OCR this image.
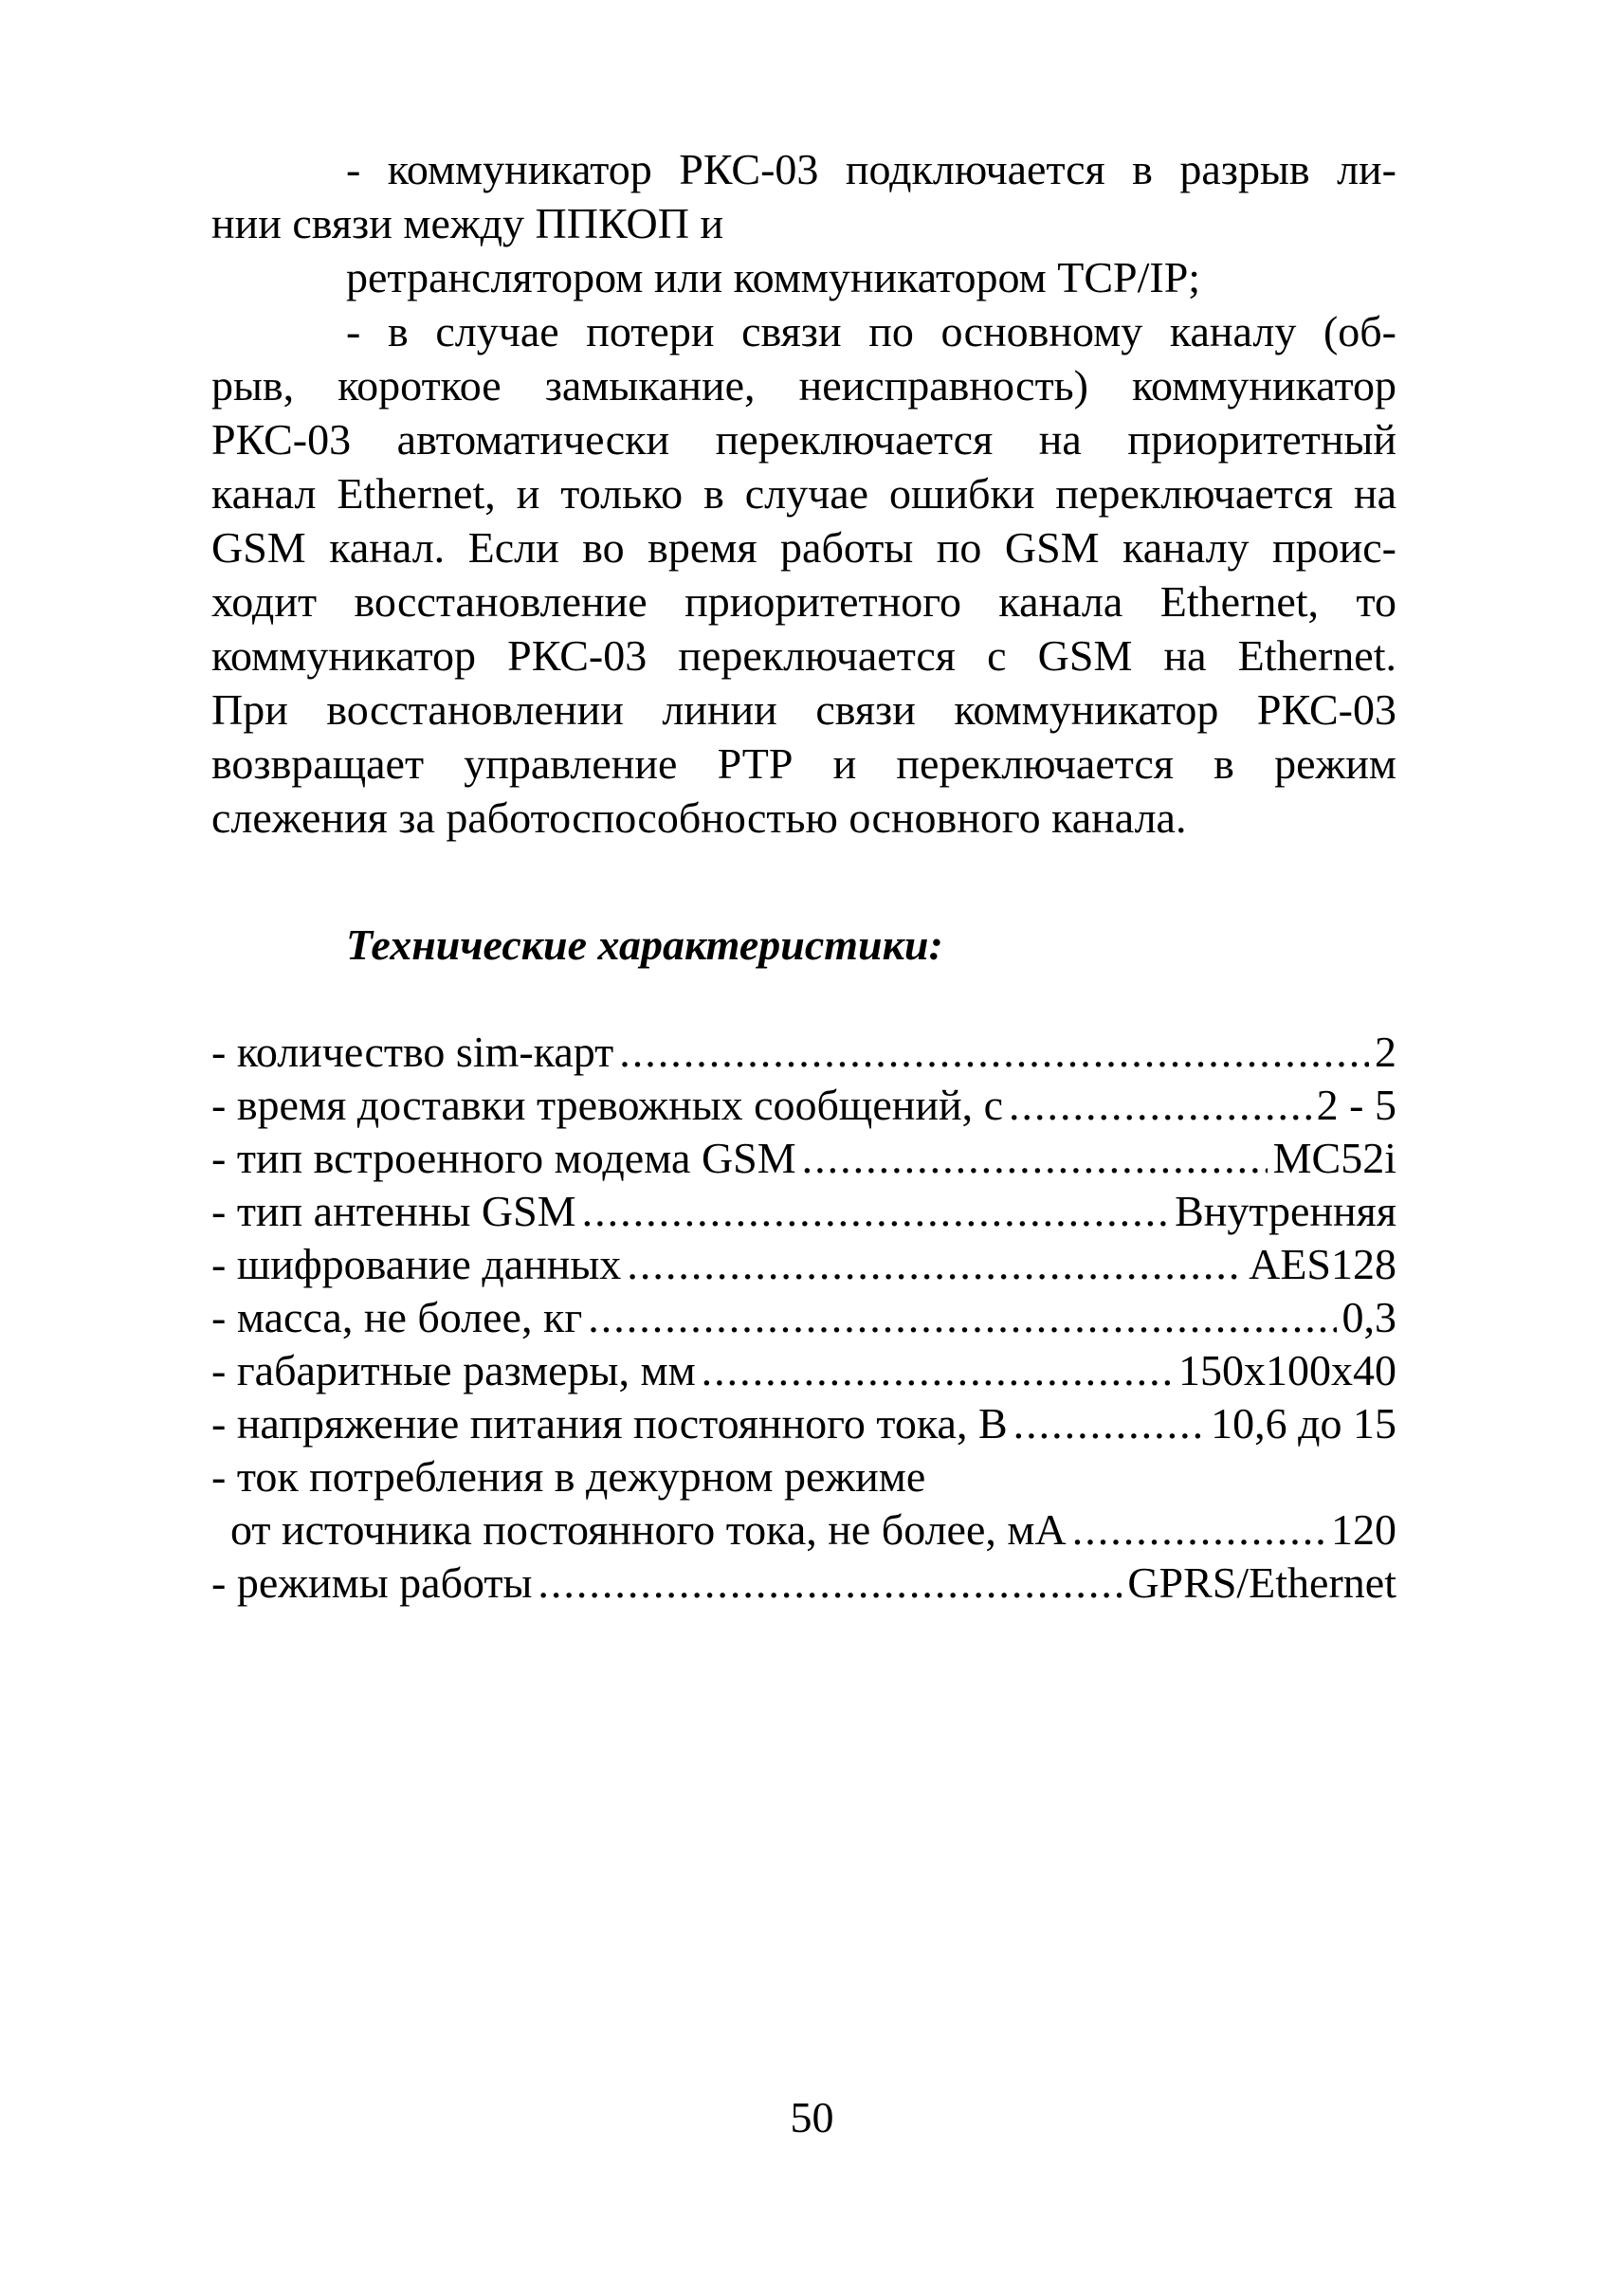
- коммуникатор РКС-03 подключается в разрыв ли-
нии связи между ППКОП и
ретранслятором или коммуникатором TCP/IP;
- в случае потери связи по основному каналу (об-
рыв, короткое замыкание, неисправность) коммуникатор
РКС-03 автоматически переключается на приоритетный
канал Ethernet, и только в случае ошибки переключается на
GSM канал. Если во время работы по GSM каналу проис-
ходит восстановление приоритетного канала Ethernet, то
коммуникатор РКС-03 переключается с GSM на Ethernet.
При восстановлении линии связи коммуникатор РКС-03
возвращает управление РТР и переключается в режим
слежения за работоспособностью основного канала.
Технические характеристики:
- количество sim-карт .....	2
- время доставки тревожных сообщений, с .....	2 - 5
- тип встроенного модема GSM .....	MC52i
- тип антенны GSM .....	Внутренняя
- шифрование данных .....	AES128
- масса, не более, кг .....	0,3
- габаритные размеры, мм .....	150x100x40
- напряжение питания постоянного тока, В .....	10,6 до 15
- ток потребления в дежурном режиме
от источника постоянного тока, не более, мА .....	120
- режимы работы .....	GPRS/Ethernet
50
